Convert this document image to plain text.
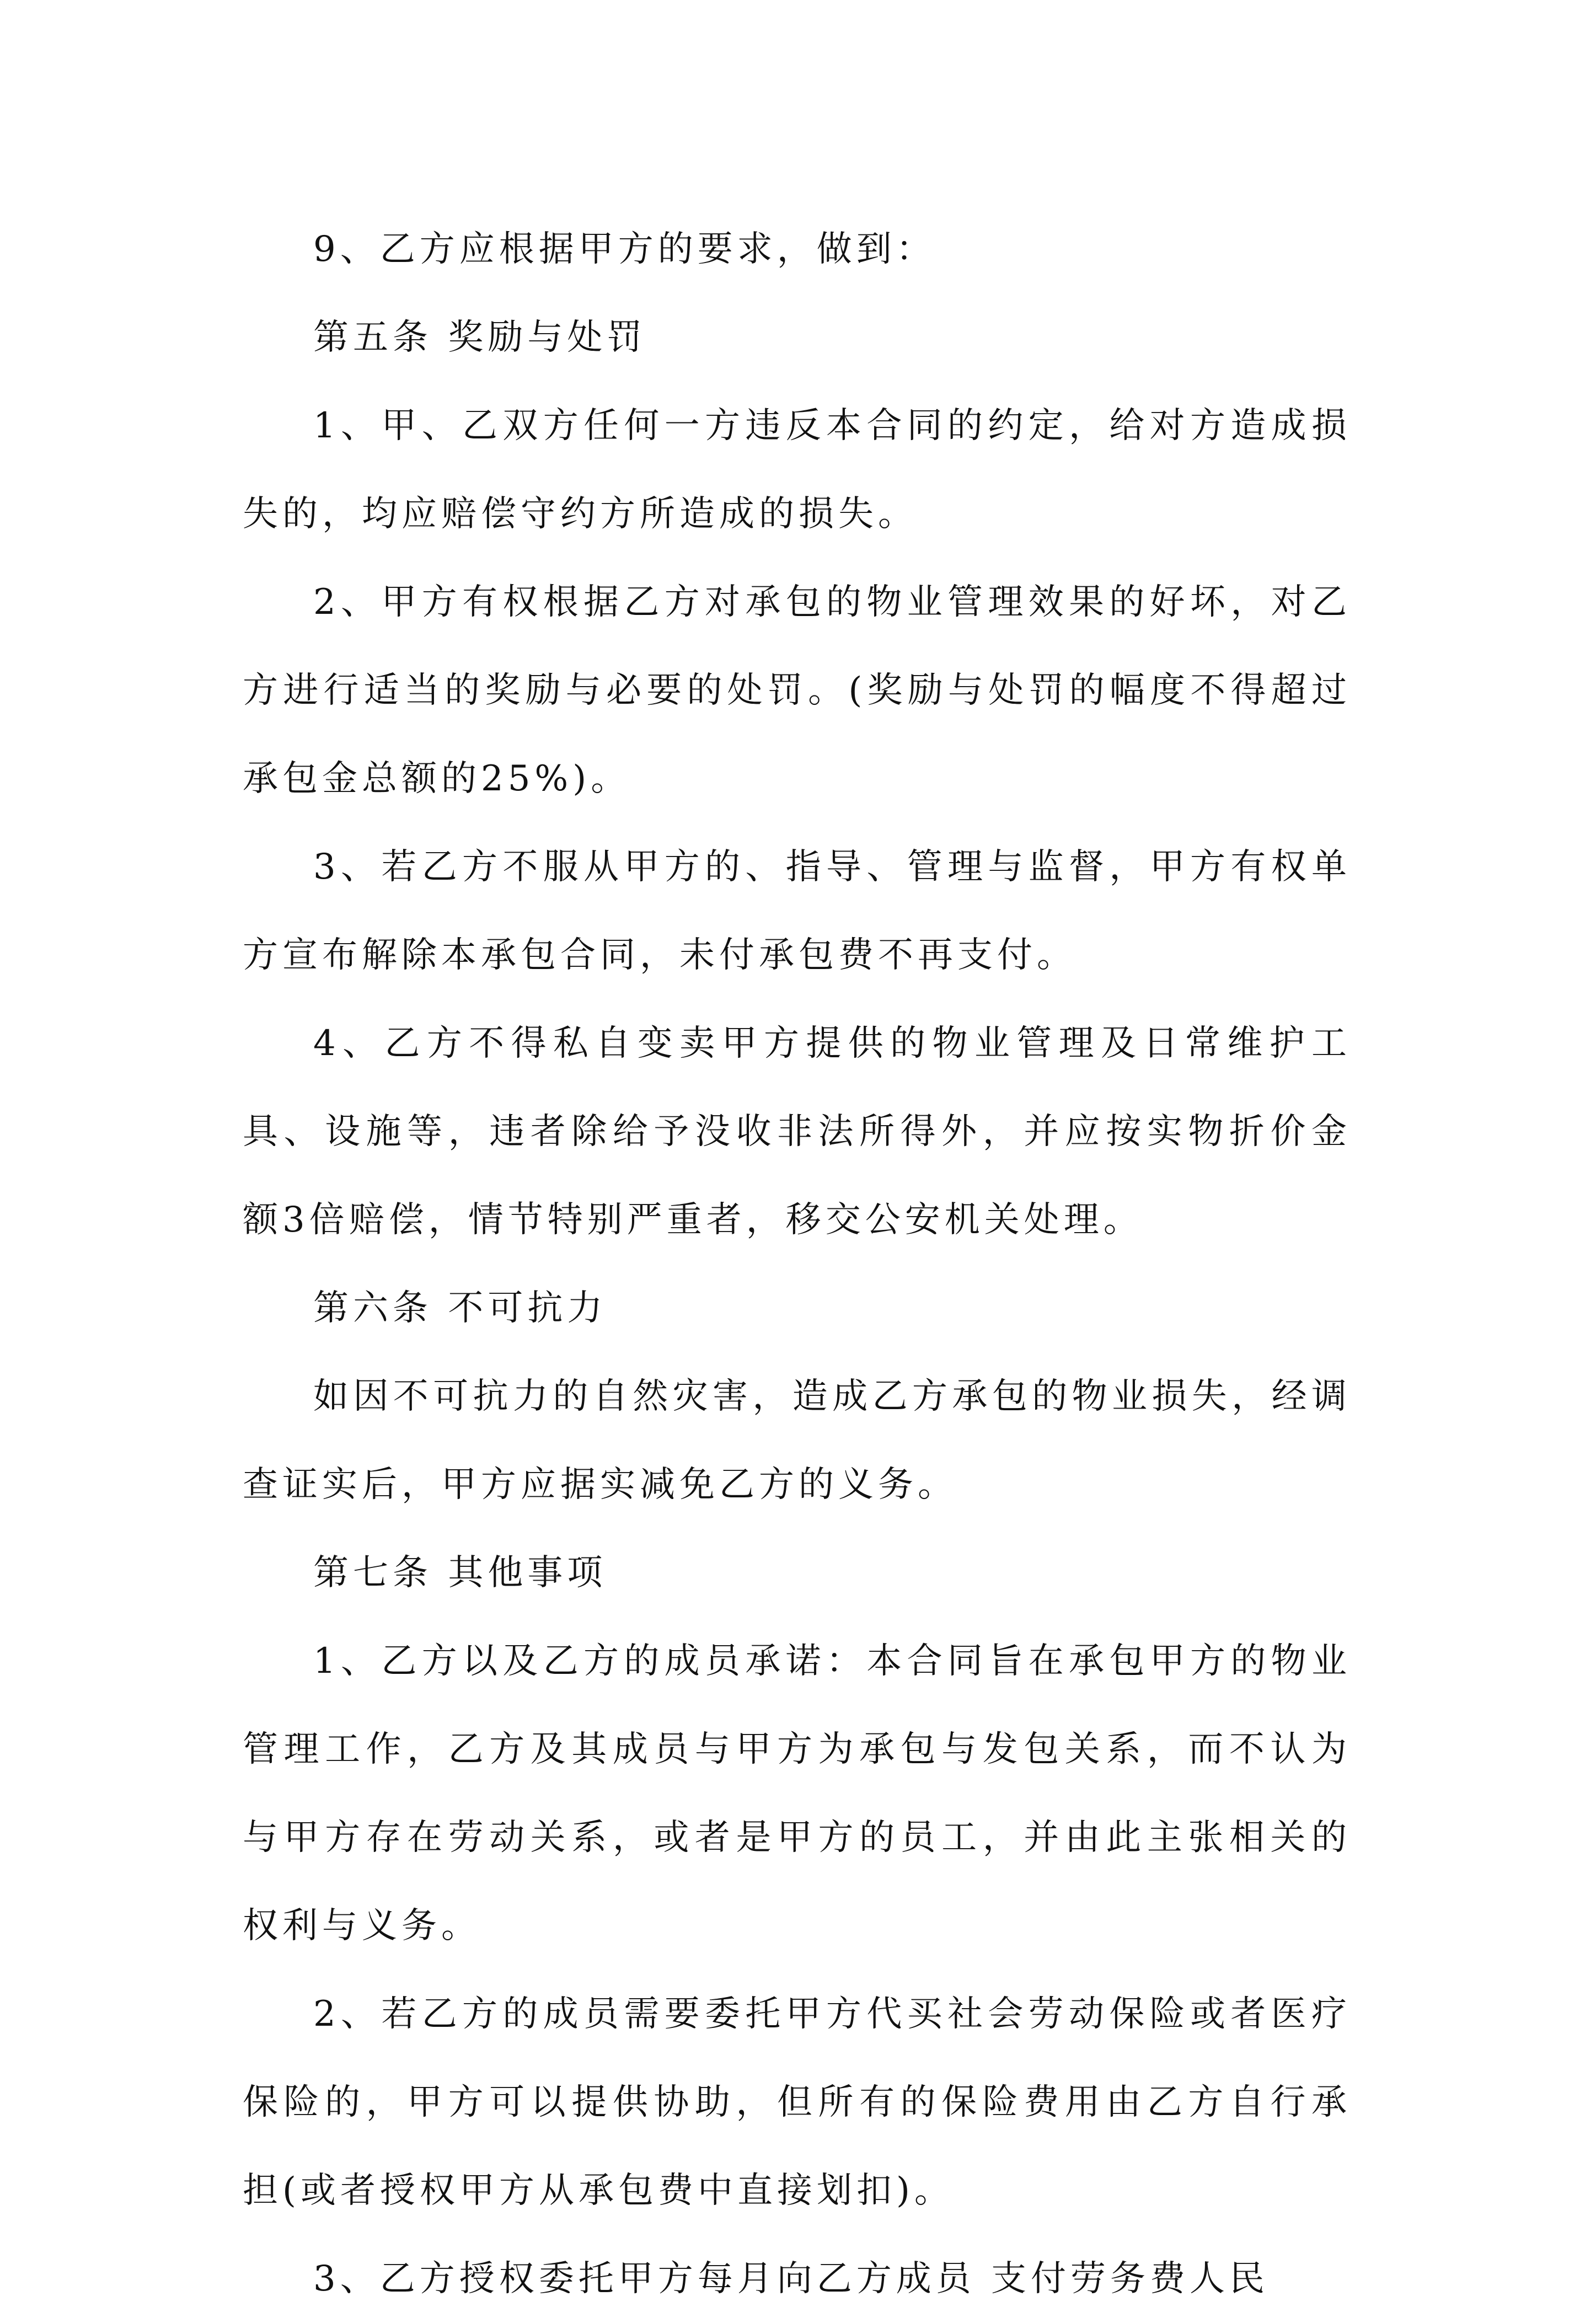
9、乙方应根据甲方的要求，做到：

第五条 奖励与处罚

1、甲、乙双方任何一方违反本合同的约定，给对方造成损失的，均应赔偿守约方所造成的损失。

2、甲方有权根据乙方对承包的物业管理效果的好坏，对乙方进行适当的奖励与必要的处罚。(奖励与处罚的幅度不得超过承包金总额的25%)。

3、若乙方不服从甲方的、指导、管理与监督，甲方有权单方宣布解除本承包合同，未付承包费不再支付。

4、乙方不得私自变卖甲方提供的物业管理及日常维护工具、设施等，违者除给予没收非法所得外，并应按实物折价金额3倍赔偿，情节特别严重者，移交公安机关处理。

第六条 不可抗力

如因不可抗力的自然灾害，造成乙方承包的物业损失，经调查证实后，甲方应据实减免乙方的义务。

第七条 其他事项

1、乙方以及乙方的成员承诺：本合同旨在承包甲方的物业管理工作，乙方及其成员与甲方为承包与发包关系，而不认为与甲方存在劳动关系，或者是甲方的员工，并由此主张相关的权利与义务。

2、若乙方的成员需要委托甲方代买社会劳动保险或者医疗保险的，甲方可以提供协助，但所有的保险费用由乙方自行承担(或者授权甲方从承包费中直接划扣)。

3、乙方授权委托甲方每月向乙方成员 支付劳务费人民
